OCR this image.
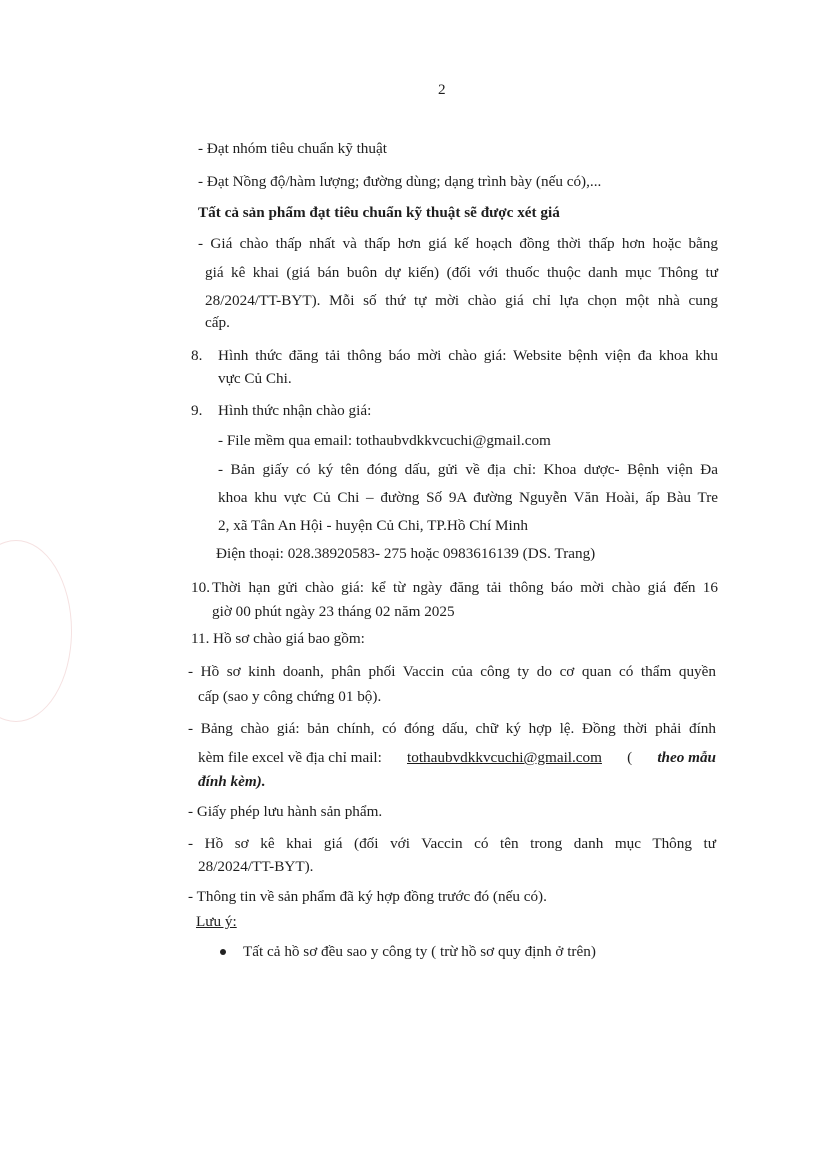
2
- Đạt nhóm tiêu chuẩn kỹ thuật
- Đạt Nồng độ/hàm lượng; đường dùng; dạng trình bày (nếu có),...
Tất cả sản phẩm đạt tiêu chuẩn kỹ thuật sẽ được xét giá
- Giá chào thấp nhất và thấp hơn giá kế hoạch đồng thời thấp hơn hoặc bằng
giá kê khai (giá bán buôn dự kiến) (đối với thuốc thuộc danh mục Thông tư
28/2024/TT-BYT). Mỗi số thứ tự mời chào giá chỉ lựa chọn một nhà cung
cấp.
8. Hình thức đăng tải thông báo mời chào giá: Website bệnh viện đa khoa khu
vực Củ Chi.
9. Hình thức nhận chào giá:
- File mềm qua email: tothaubvdkkvcuchi@gmail.com
- Bản giấy có ký tên đóng dấu, gửi về địa chỉ: Khoa dược- Bệnh viện Đa
khoa khu vực Củ Chi – đường Số 9A đường Nguyễn Văn Hoài, ấp Bàu Tre
2, xã Tân An Hội - huyện Củ Chi, TP.Hồ Chí Minh
Điện thoại: 028.38920583- 275 hoặc 0983616139 (DS. Trang)
10. Thời hạn gửi chào giá: kể từ ngày đăng tải thông báo mời chào giá đến 16
giờ 00 phút ngày 23 tháng 02 năm 2025
11. Hồ sơ chào giá bao gồm:
- Hồ sơ kinh doanh, phân phối Vaccin của công ty do cơ quan có thẩm quyền
cấp (sao y công chứng 01 bộ).
- Bảng chào giá: bản chính, có đóng dấu, chữ ký hợp lệ. Đồng thời phải đính
kèm file excel về địa chỉ mail: tothaubvdkkvcuchi@gmail.com ( theo mẫu
đính kèm).
- Giấy phép lưu hành sản phẩm.
- Hồ sơ kê khai giá (đối với Vaccin có tên trong danh mục Thông tư
28/2024/TT-BYT).
- Thông tin về sản phẩm đã ký hợp đồng trước đó (nếu có).
Lưu ý:
Tất cả hồ sơ đều sao y công ty ( trừ hồ sơ quy định ở trên)
